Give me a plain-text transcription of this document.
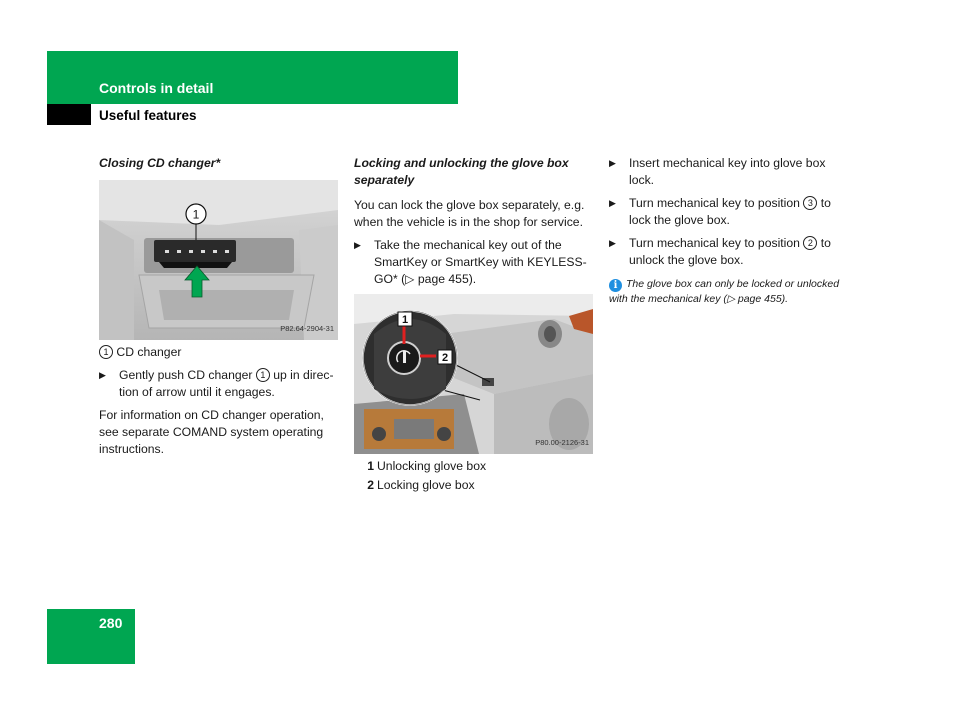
Controls in detail
Useful features
Closing CD changer*
1
P82.64-2904-31

1 CD changer

▶ Gently push CD changer 1 up in direc-tion of arrow until it engages.

For information on CD changer operation, see separate COMAND system operating instructions.

Locking and unlocking the glove box separately

You can lock the glove box separately, e.g. when the vehicle is in the shop for service.

▶ Take the mechanical key out of the SmartKey or SmartKey with KEYLESS-GO* (▷ page 455).
1
2
P80.00-2126-31
1 Unlocking glove box
2 Locking glove box
▶ Insert mechanical key into glove box lock.
▶ Turn mechanical key to position 3 to lock the glove box.
▶ Turn mechanical key to position 2 to unlock the glove box.
i The glove box can only be locked or unlocked with the mechanical key (▷ page 455).
280
